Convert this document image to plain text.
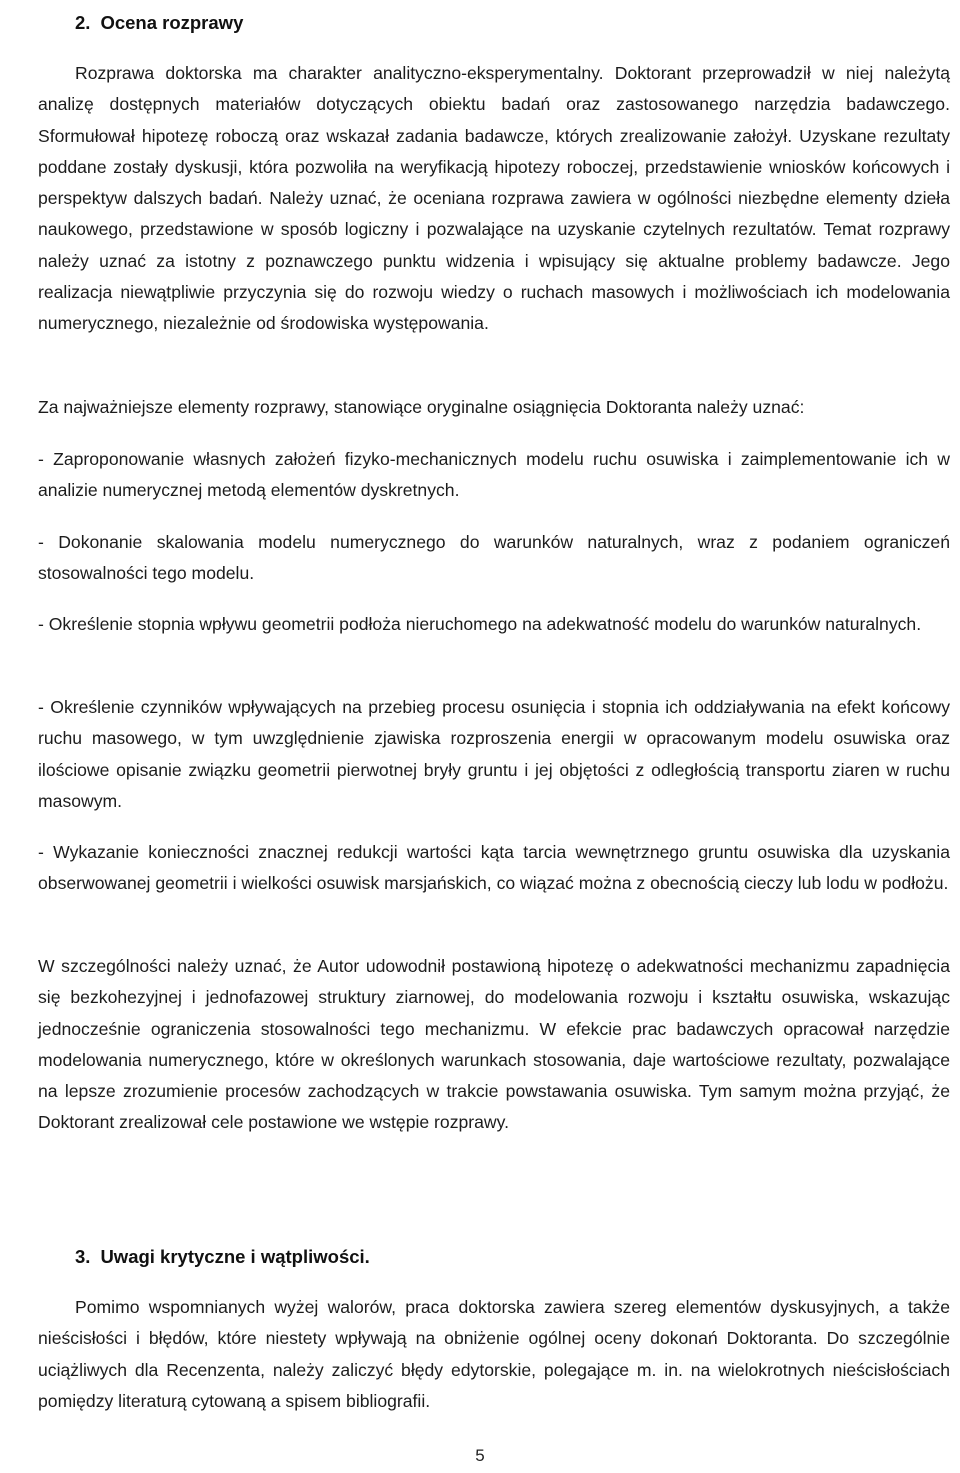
2. Ocena rozprawy

Rozprawa doktorska ma charakter analityczno-eksperymentalny. Doktorant przeprowadził w niej należytą analizę dostępnych materiałów dotyczących obiektu badań oraz zastosowanego narzędzia badawczego. Sformułował hipotezę roboczą oraz wskazał zadania badawcze, których zrealizowanie założył. Uzyskane rezultaty poddane zostały dyskusji, która pozwoliła na weryfikacją hipotezy roboczej, przedstawienie wniosków końcowych i perspektyw dalszych badań. Należy uznać, że oceniana rozprawa zawiera w ogólności niezbędne elementy dzieła naukowego, przedstawione w sposób logiczny i pozwalające na uzyskanie czytelnych rezultatów. Temat rozprawy należy uznać za istotny z poznawczego punktu widzenia i wpisujący się aktualne problemy badawcze. Jego realizacja niewątpliwie przyczynia się do rozwoju wiedzy o ruchach masowych i możliwościach ich modelowania numerycznego, niezależnie od środowiska występowania.

Za najważniejsze elementy rozprawy, stanowiące oryginalne osiągnięcia Doktoranta należy uznać:

- Zaproponowanie własnych założeń fizyko-mechanicznych modelu ruchu osuwiska i zaimplementowanie ich w analizie numerycznej metodą elementów dyskretnych.

- Dokonanie skalowania modelu numerycznego do warunków naturalnych, wraz z podaniem ograniczeń stosowalności tego modelu.

- Określenie stopnia wpływu geometrii podłoża nieruchomego na adekwatność modelu do warunków naturalnych.

- Określenie czynników wpływających na przebieg procesu osunięcia i stopnia ich oddziaływania na efekt końcowy ruchu masowego, w tym uwzględnienie zjawiska rozproszenia energii w opracowanym modelu osuwiska oraz ilościowe opisanie związku geometrii pierwotnej bryły gruntu i jej objętości z odległością transportu ziaren w ruchu masowym.

- Wykazanie konieczności znacznej redukcji wartości kąta tarcia wewnętrznego gruntu osuwiska dla uzyskania obserwowanej geometrii i wielkości osuwisk marsjańskich, co wiązać można z obecnością cieczy lub lodu w podłożu.

W szczególności należy uznać, że Autor udowodnił postawioną hipotezę o adekwatności mechanizmu zapadnięcia się bezkohezyjnej i jednofazowej struktury ziarnowej, do modelowania rozwoju i kształtu osuwiska, wskazując jednocześnie ograniczenia stosowalności tego mechanizmu. W efekcie prac badawczych opracował narzędzie modelowania numerycznego, które w określonych warunkach stosowania, daje wartościowe rezultaty, pozwalające na lepsze zrozumienie procesów zachodzących w trakcie powstawania osuwiska. Tym samym można przyjąć, że Doktorant zrealizował cele postawione we wstępie rozprawy.

3. Uwagi krytyczne i wątpliwości.

Pomimo wspomnianych wyżej walorów, praca doktorska zawiera szereg elementów dyskusyjnych, a także nieścisłości i błędów, które niestety wpływają na obniżenie ogólnej oceny dokonań Doktoranta. Do szczególnie uciążliwych dla Recenzenta, należy zaliczyć błędy edytorskie, polegające m. in. na wielokrotnych nieścisłościach pomiędzy literaturą cytowaną a spisem bibliografii.

5
